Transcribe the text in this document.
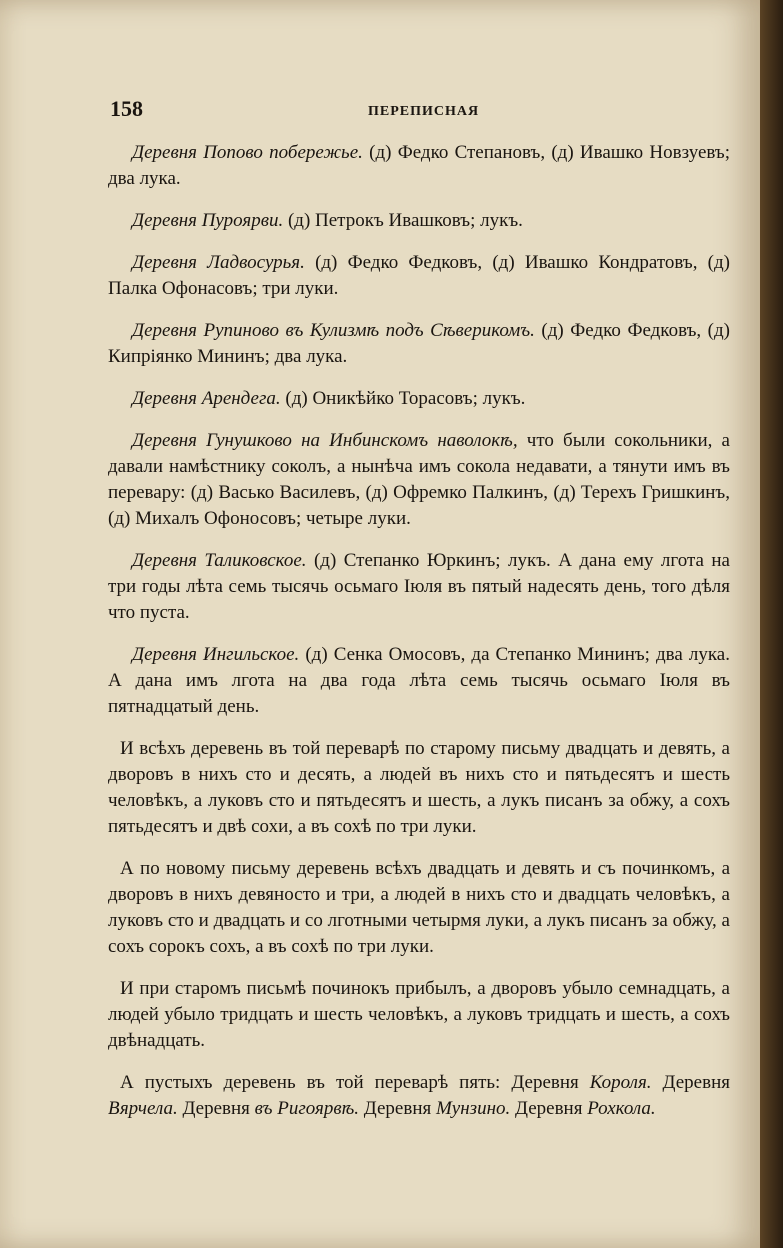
158	ПЕРЕПИСНАЯ

Деревня Попово побережье. (д) Федко Степановъ, (д) Ивашко Новзуевъ; два лука.

Деревня Пуроярви. (д) Петрокъ Ивашковъ; лукъ.

Деревня Ладвосурья. (д) Федко Федковъ, (д) Ивашко Кондратовъ, (д) Палка Офонасовъ; три луки.

Деревня Рупиново въ Кулизмѣ подъ Сѣверикомъ. (д) Федко Федковъ, (д) Кипріянко Мининъ; два лука.

Деревня Арендега. (д) Оникѣйко Торасовъ; лукъ.

Деревня Гунушково на Инбинскомъ наволокѣ, что были сокольники, а давали намѣстнику соколъ, а нынѣча имъ сокола недавати, а тянути имъ въ перевару: (д) Васько Василевъ, (д) Офремко Палкинъ, (д) Терехъ Гришкинъ, (д) Михалъ Офоносовъ; четыре луки.

Деревня Таликовское. (д) Степанко Юркинъ; лукъ. А дана ему лгота на три годы лѣта семь тысячь осьмаго Іюля въ пятый надесять день, того дѣля что пуста.

Деревня Ингильское. (д) Сенка Омосовъ, да Степанко Мининъ; два лука. А дана имъ лгота на два года лѣта семь тысячь осьмаго Іюля въ пятнадцатый день.

И всѣхъ деревень въ той переварѣ по старому письму двадцать и девять, а дворовъ в нихъ сто и десять, а людей въ нихъ сто и пятьдесятъ и шесть человѣкъ, а луковъ сто и пятьдесятъ и шесть, а лукъ писанъ за обжу, а сохъ пятьдесятъ и двѣ сохи, а въ сохѣ по три луки.

А по новому письму деревень всѣхъ двадцать и девять и съ починкомъ, а дворовъ в нихъ девяносто и три, а людей в нихъ сто и двадцать человѣкъ, а луковъ сто и двадцать и со лготными четырмя луки, а лукъ писанъ за обжу, а сохъ сорокъ сохъ, а въ сохѣ по три луки.

И при старомъ письмѣ починокъ прибылъ, а дворовъ убыло семнадцать, а людей убыло тридцать и шесть человѣкъ, а луковъ тридцать и шесть, а сохъ двѣнадцать.

А пустыхъ деревень въ той переварѣ пять: Деревня Короля. Деревня Вярчела. Деревня въ Ригоярвѣ. Деревня Мунзино. Деревня Рохкола.
